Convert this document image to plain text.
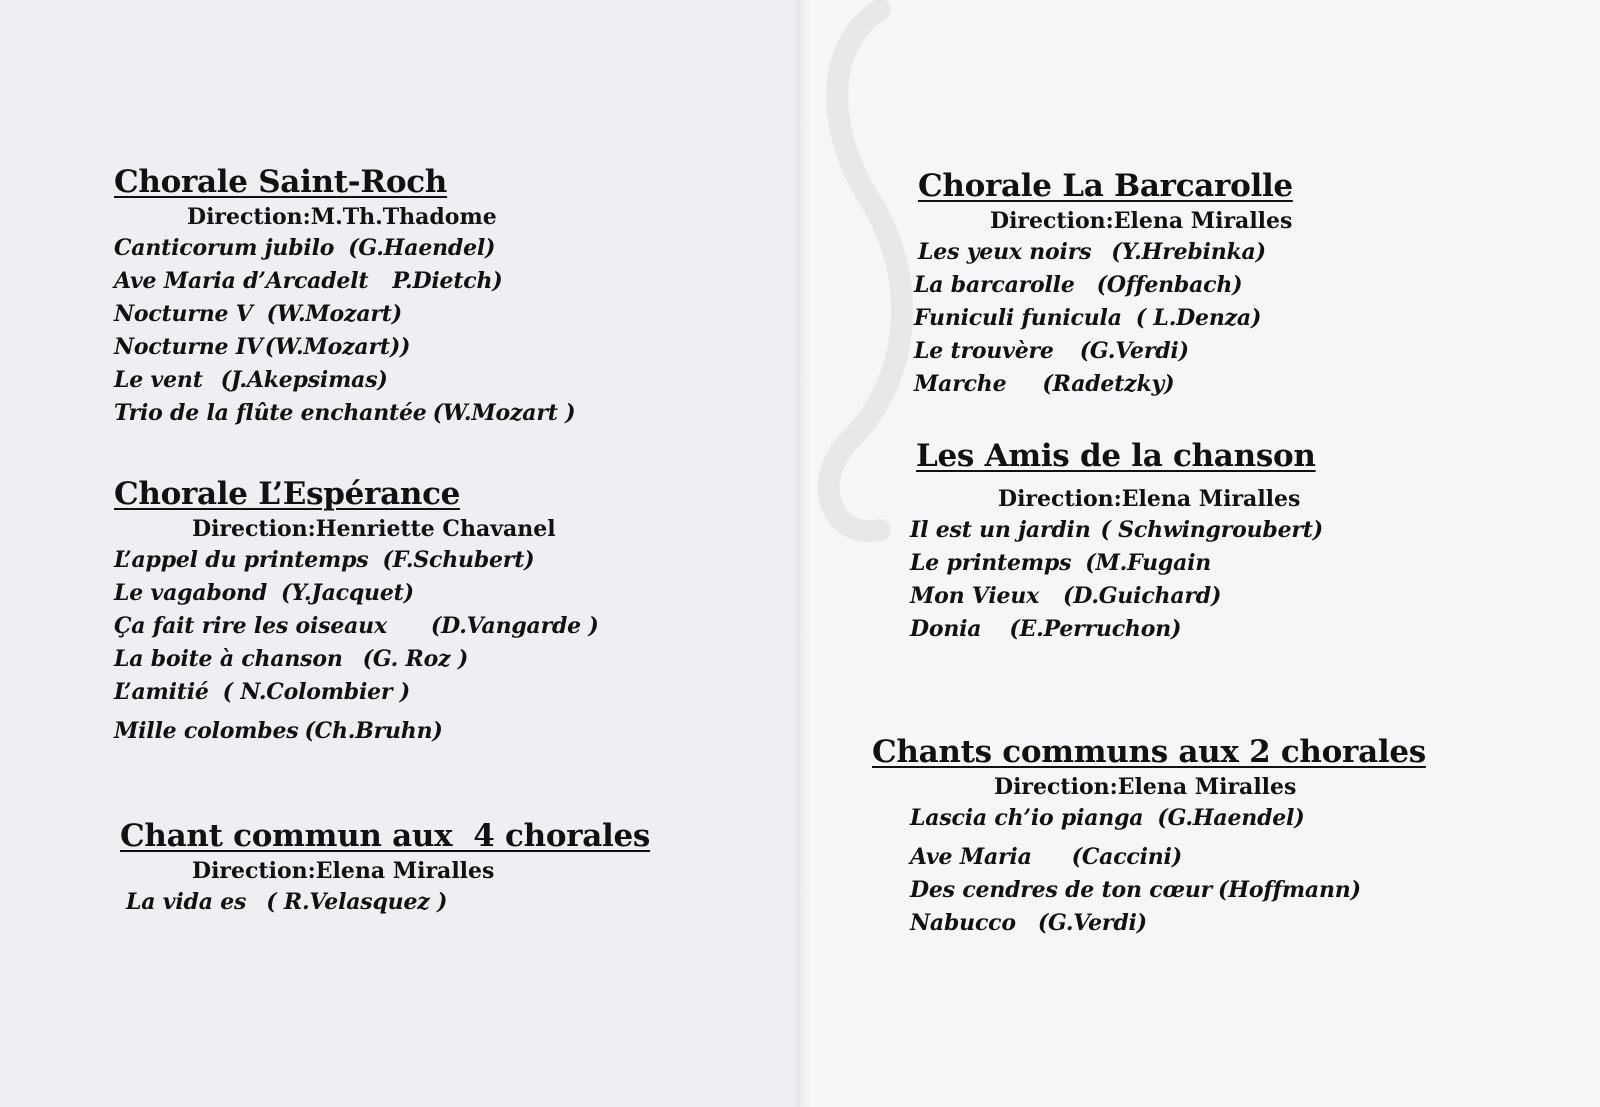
Chorale Saint-Roch
Direction:M.Th.Thadome
Canticorum jubilo (G.Haendel)
Ave Maria d’Arcadelt P.Dietch)
Nocturne V (W.Mozart)
Nocturne IV(W.Mozart))
Le vent (J.Akepsimas)
Trio de la flûte enchantée (W.Mozart )
Chorale L’Espérance
Direction:Henriette Chavanel
L’appel du printemps (F.Schubert)
Le vagabond (Y.Jacquet)
Ça fait rire les oiseaux (D.Vangarde )
La boite à chanson (G. Roz )
L’amitié ( N.Colombier )
Mille colombes (Ch.Bruhn)
Chant commun aux  4 chorales
Direction:Elena Miralles
La vida es ( R.Velasquez )
Chorale La Barcarolle
Direction:Elena Miralles
Les yeux noirs (Y.Hrebinka)
La barcarolle (Offenbach)
Funiculi funicula ( L.Denza)
Le trouvère (G.Verdi)
Marche (Radetzky)
Les Amis de la chanson
Direction:Elena Miralles
Il est un jardin ( Schwingroubert)
Le printemps (M.Fugain
Mon Vieux (D.Guichard)
Donia (E.Perruchon)
Chants communs aux 2 chorales
Direction:Elena Miralles
Lascia ch’io pianga (G.Haendel)
Ave Maria (Caccini)
Des cendres de ton cœur (Hoffmann)
Nabucco (G.Verdi)
